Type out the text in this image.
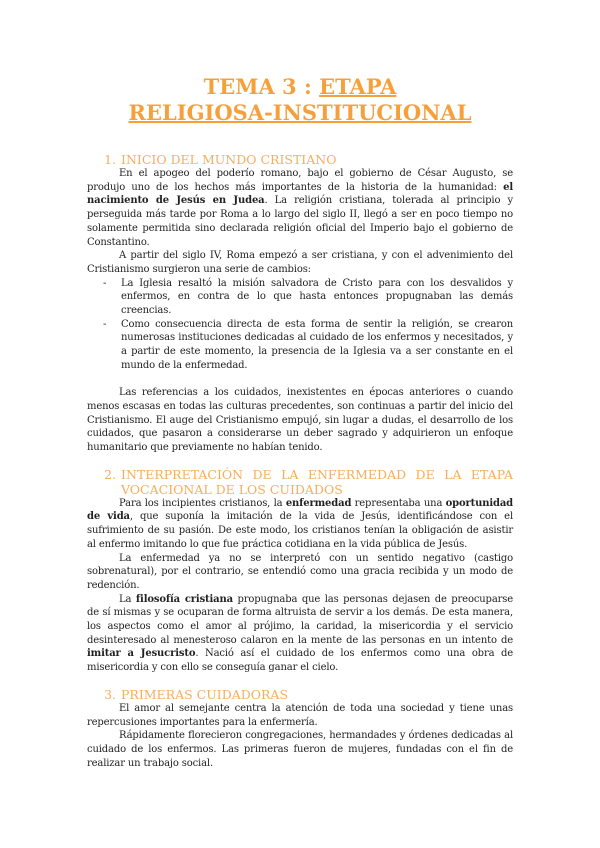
TEMA 3 : ETAPA
RELIGIOSA-INSTITUCIONAL
1. INICIO DEL MUNDO CRISTIANO

En el apogeo del poderío romano, bajo el gobierno de César Augusto, se produjo uno de los hechos más importantes de la historia de la humanidad: el nacimiento de Jesús en Judea. La religión cristiana, tolerada al principio y perseguida más tarde por Roma a lo largo del siglo II, llegó a ser en poco tiempo no solamente permitida sino declarada religión oficial del Imperio bajo el gobierno de Constantino.

A partir del siglo IV, Roma empezó a ser cristiana, y con el advenimiento del Cristianismo surgieron una serie de cambios:

-	La Iglesia resaltó la misión salvadora de Cristo para con los desvalidos y enfermos, en contra de lo que hasta entonces propugnaban las demás creencias.
-	Como consecuencia directa de esta forma de sentir la religión, se crearon numerosas instituciones dedicadas al cuidado de los enfermos y necesitados, y a partir de este momento, la presencia de la Iglesia va a ser constante en el mundo de la enfermedad.

Las referencias a los cuidados, inexistentes en épocas anteriores o cuando menos escasas en todas las culturas precedentes, son continuas a partir del inicio del Cristianismo. El auge del Cristianismo empujó, sin lugar a dudas, el desarrollo de los cuidados, que pasaron a considerarse un deber sagrado y adquirieron un enfoque humanitario que previamente no habían tenido.

2. INTERPRETACIÓN DE LA ENFERMEDAD DE LA ETAPA VOCACIONAL DE LOS CUIDADOS

Para los incipientes cristianos, la enfermedad representaba una oportunidad de vida, que suponía la imitación de la vida de Jesús, identificándose con el sufrimiento de su pasión. De este modo, los cristianos tenían la obligación de asistir al enfermo imitando lo que fue práctica cotidiana en la vida pública de Jesús.

La enfermedad ya no se interpretó con un sentido negativo (castigo sobrenatural), por el contrario, se entendió como una gracia recibida y un modo de redención.

La filosofía cristiana propugnaba que las personas dejasen de preocuparse de sí mismas y se ocuparan de forma altruista de servir a los demás. De esta manera, los aspectos como el amor al prójimo, la caridad, la misericordia y el servicio desinteresado al menesteroso calaron en la mente de las personas en un intento de imitar a Jesucristo. Nació así el cuidado de los enfermos como una obra de misericordia y con ello se conseguía ganar el cielo.

3. PRIMERAS CUIDADORAS

El amor al semejante centra la atención de toda una sociedad y tiene unas repercusiones importantes para la enfermería.

Rápidamente florecieron congregaciones, hermandades y órdenes dedicadas al cuidado de los enfermos. Las primeras fueron de mujeres, fundadas con el fin de realizar un trabajo social.
